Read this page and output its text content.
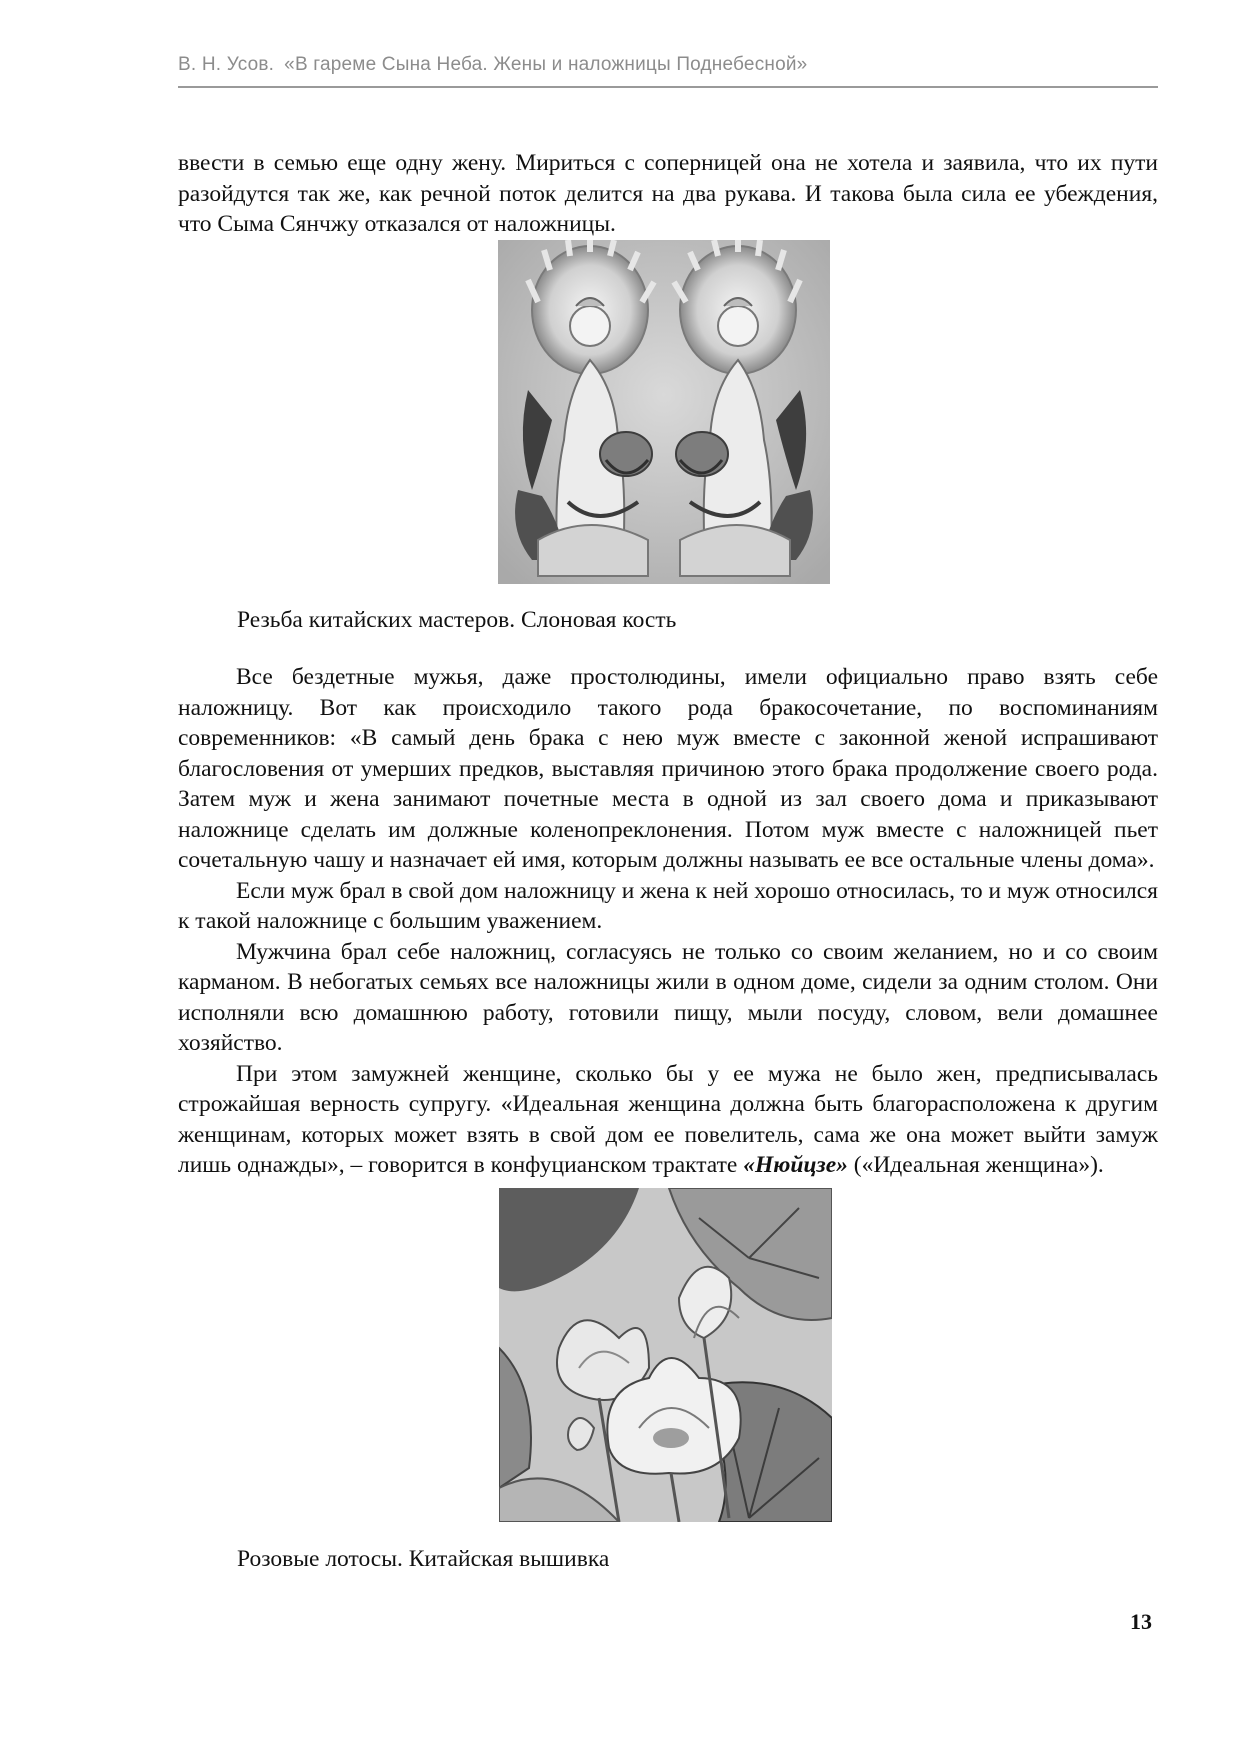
В. Н. Усов. «В гареме Сына Неба. Жены и наложницы Поднебесной»

ввести в семью еще одну жену. Мириться с соперницей она не хотела и заявила, что их пути

разойдутся так же, как речной поток делится на два рукава. И такова была сила ее убеждения,

что Сыма Сянчжу отказался от наложницы.

Резьба китайских мастеров. Слоновая кость

Все бездетные мужья, даже простолюдины, имели официально право взять себе наложницу. Вот как происходило такого рода бракосочетание, по воспоминаниям современников: «В самый день брака с нею муж вместе с законной женой испрашивают благословения от умерших предков, выставляя причиною этого брака продолжение своего рода. Затем муж и жена занимают почетные места в одной из зал своего дома и приказывают наложнице сделать им должные коленопреклонения. Потом муж вместе с наложницей пьет сочетальную чашу и назначает ей имя, которым должны называть ее все остальные члены дома».

Если муж брал в свой дом наложницу и жена к ней хорошо относилась, то и муж относился к такой наложнице с большим уважением.

Мужчина брал себе наложниц, согласуясь не только со своим желанием, но и со своим карманом. В небогатых семьях все наложницы жили в одном доме, сидели за одним столом. Они исполняли всю домашнюю работу, готовили пищу, мыли посуду, словом, вели домашнее хозяйство.

При этом замужней женщине, сколько бы у ее мужа не было жен, предписывалась строжайшая верность супругу. «Идеальная женщина должна быть благорасположена к другим женщинам, которых может взять в свой дом ее повелитель, сама же она может выйти замуж лишь однажды», – говорится в конфуцианском трактате «Нюйцзе» («Идеальная женщина»).

Розовые лотосы. Китайская вышивка
13
